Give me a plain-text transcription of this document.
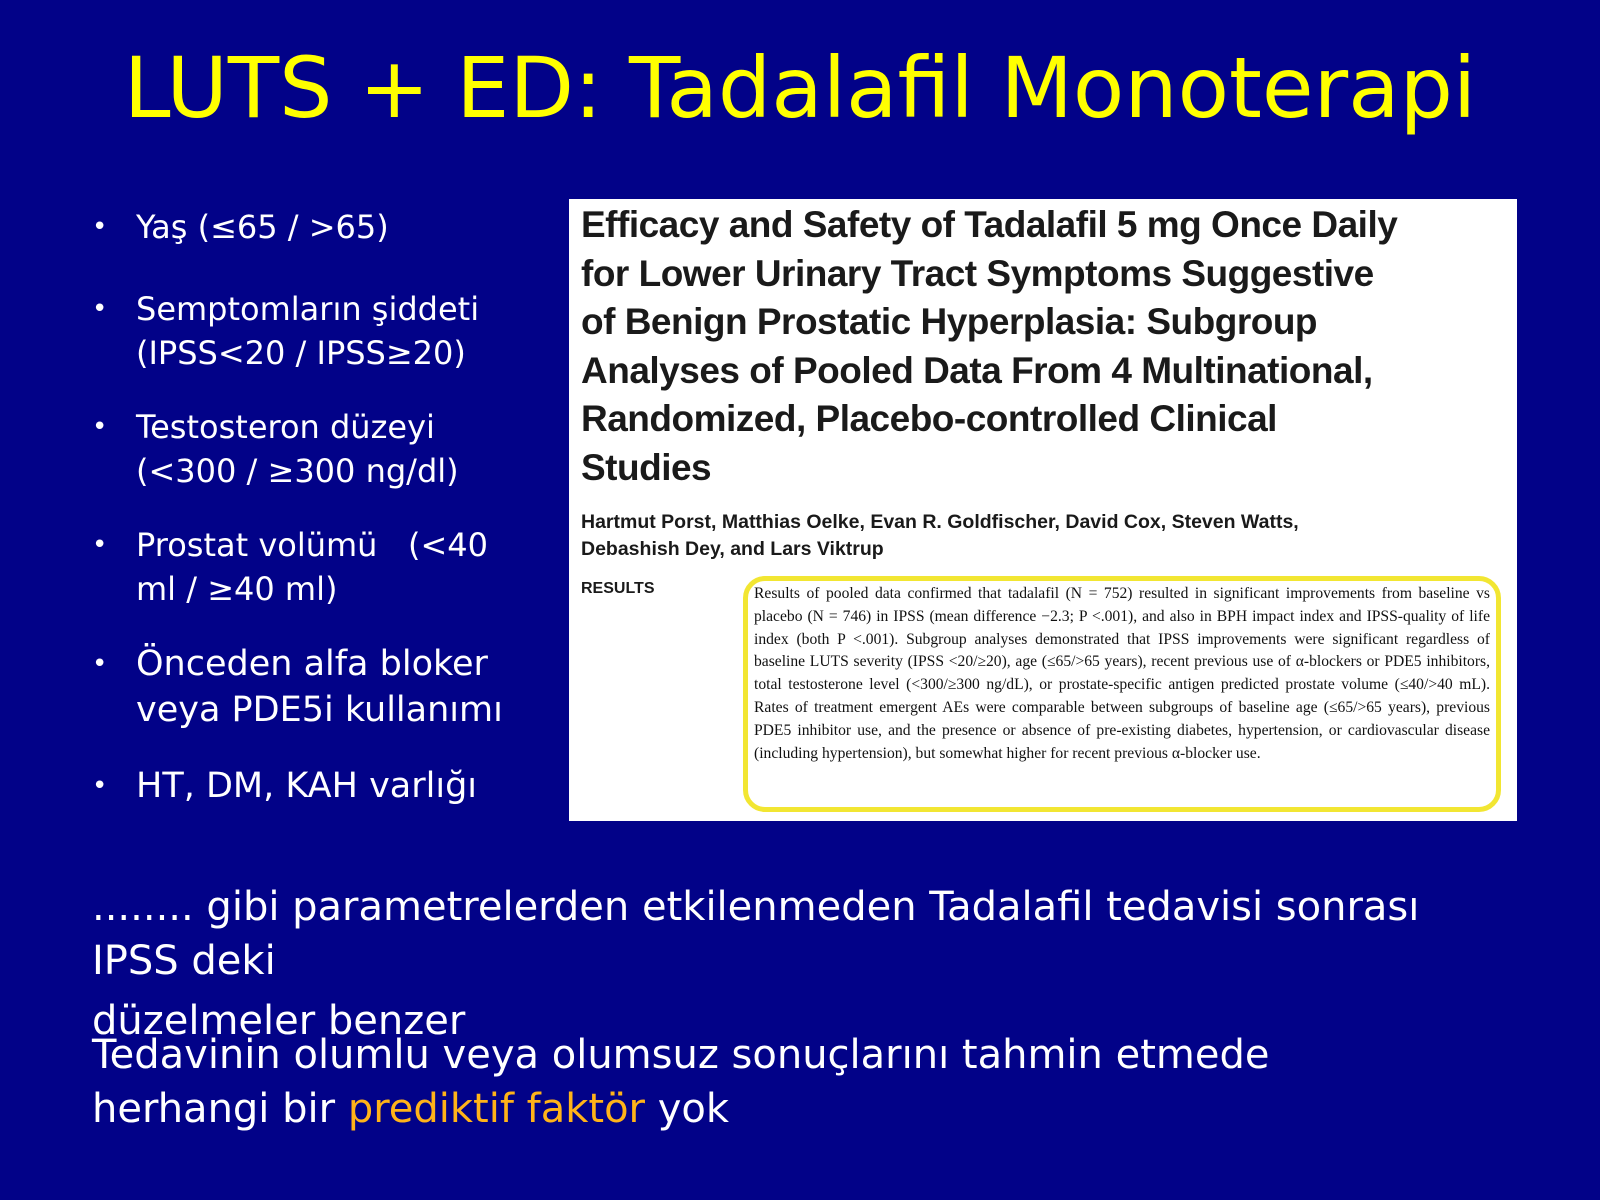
LUTS + ED: Tadalafil Monoterapi
• Yaş (≤65 / >65)
• Semptomların şiddeti
(IPSS<20 / IPSS≥20)
• Testosteron düzeyi
(<300 / ≥300 ng/dl)
• Prostat volümü   (<40
ml / ≥40 ml)
• Önceden alfa bloker
veya PDE5i kullanımı
• HT, DM, KAH varlığı
Efficacy and Safety of Tadalafil 5 mg Once Daily
for Lower Urinary Tract Symptoms Suggestive
of Benign Prostatic Hyperplasia: Subgroup
Analyses of Pooled Data From 4 Multinational,
Randomized, Placebo-controlled Clinical
Studies
Hartmut Porst, Matthias Oelke, Evan R. Goldfischer, David Cox, Steven Watts,
Debashish Dey, and Lars Viktrup
RESULTS	Results of pooled data confirmed that tadalafil (N = 752) resulted in significant improvements from baseline vs placebo (N = 746) in IPSS (mean difference −2.3; P <.001), and also in BPH impact index and IPSS-quality of life index (both P <.001). Subgroup analyses demonstrated that IPSS improvements were significant regardless of baseline LUTS severity (IPSS <20/≥20), age (≤65/>65 years), recent previous use of α-blockers or PDE5 inhibitors, total testosterone level (<300/≥300 ng/dL), or prostate-specific antigen predicted prostate volume (≤40/>40 mL). Rates of treatment emergent AEs were comparable between subgroups of baseline age (≤65/>65 years), previous PDE5 inhibitor use, and the presence or absence of pre-existing diabetes, hypertension, or cardiovascular disease (including hypertension), but somewhat higher for recent previous α-blocker use.
........ gibi parametrelerden etkilenmeden Tadalafil tedavisi sonrası
IPSS deki
düzelmeler benzer
Tedavinin olumlu veya olumsuz sonuçlarını tahmin etmede
herhangi bir prediktif faktör yok
